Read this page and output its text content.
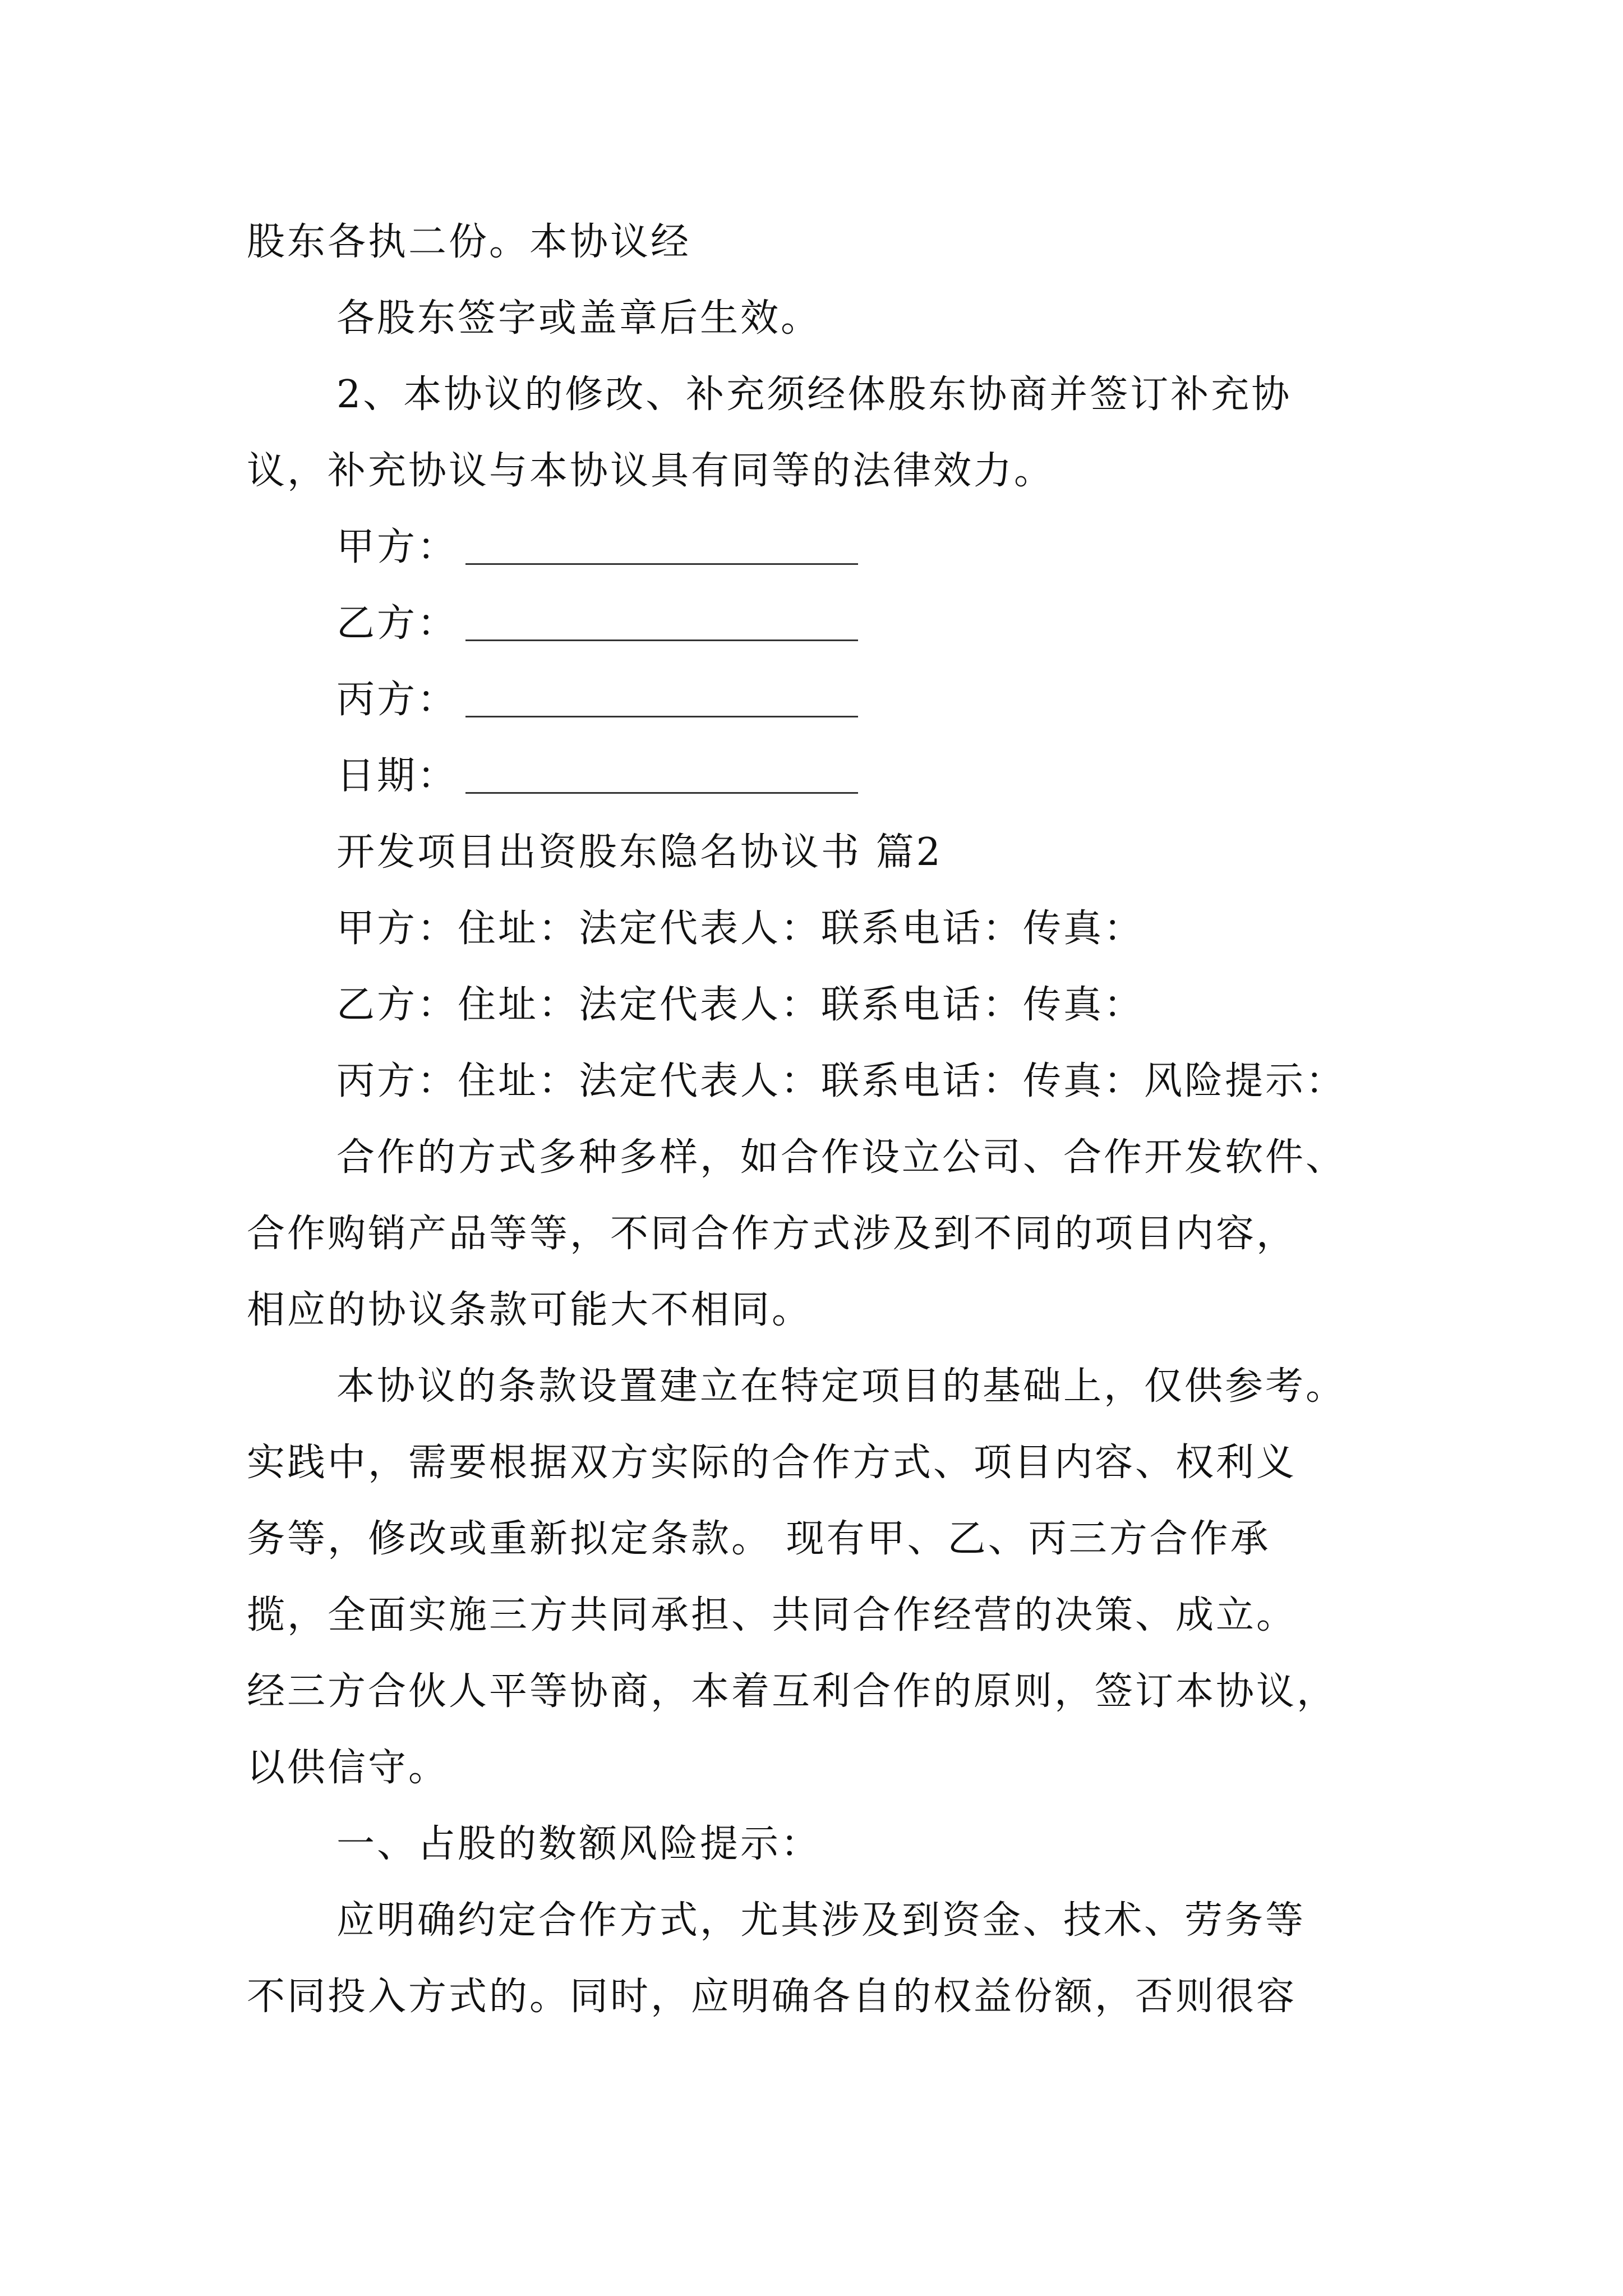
股东各执二份。本协议经
各股东签字或盖章后生效。
2、本协议的修改、补充须经体股东协商并签订补充协
议，补充协议与本协议具有同等的法律效力。
甲方：
乙方：
丙方：
日期：
开发项目出资股东隐名协议书 篇2
甲方：住址：法定代表人：联系电话：传真：
乙方：住址：法定代表人：联系电话：传真：
丙方：住址：法定代表人：联系电话：传真：风险提示：
合作的方式多种多样，如合作设立公司、合作开发软件、
合作购销产品等等，不同合作方式涉及到不同的项目内容，
相应的协议条款可能大不相同。
本协议的条款设置建立在特定项目的基础上，仅供参考。
实践中，需要根据双方实际的合作方式、项目内容、权利义
务等，修改或重新拟定条款。 现有甲、乙、丙三方合作承
揽，全面实施三方共同承担、共同合作经营的决策、成立。
经三方合伙人平等协商，本着互利合作的原则，签订本协议，
以供信守。
一、占股的数额风险提示：
应明确约定合作方式，尤其涉及到资金、技术、劳务等
不同投入方式的。同时，应明确各自的权益份额，否则很容
